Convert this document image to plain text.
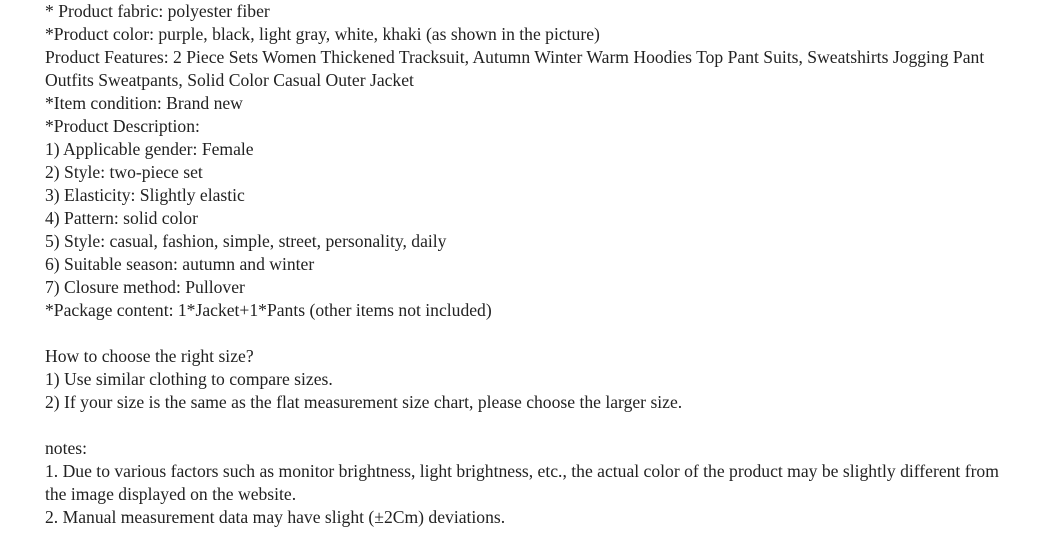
* Product fabric: polyester fiber
*Product color: purple, black, light gray, white, khaki (as shown in the picture)
Product Features: 2 Piece Sets Women Thickened Tracksuit, Autumn Winter Warm Hoodies Top Pant Suits, Sweatshirts Jogging Pant Outfits Sweatpants, Solid Color Casual Outer Jacket
*Item condition: Brand new
*Product Description:
1) Applicable gender: Female
2) Style: two-piece set
3) Elasticity: Slightly elastic
4) Pattern: solid color
5) Style: casual, fashion, simple, street, personality, daily
6) Suitable season: autumn and winter
7) Closure method: Pullover
*Package content: 1*Jacket+1*Pants (other items not included)
How to choose the right size?
1) Use similar clothing to compare sizes.
2) If your size is the same as the flat measurement size chart, please choose the larger size.
notes:
1. Due to various factors such as monitor brightness, light brightness, etc., the actual color of the product may be slightly different from the image displayed on the website.
2. Manual measurement data may have slight (±2Cm) deviations.
